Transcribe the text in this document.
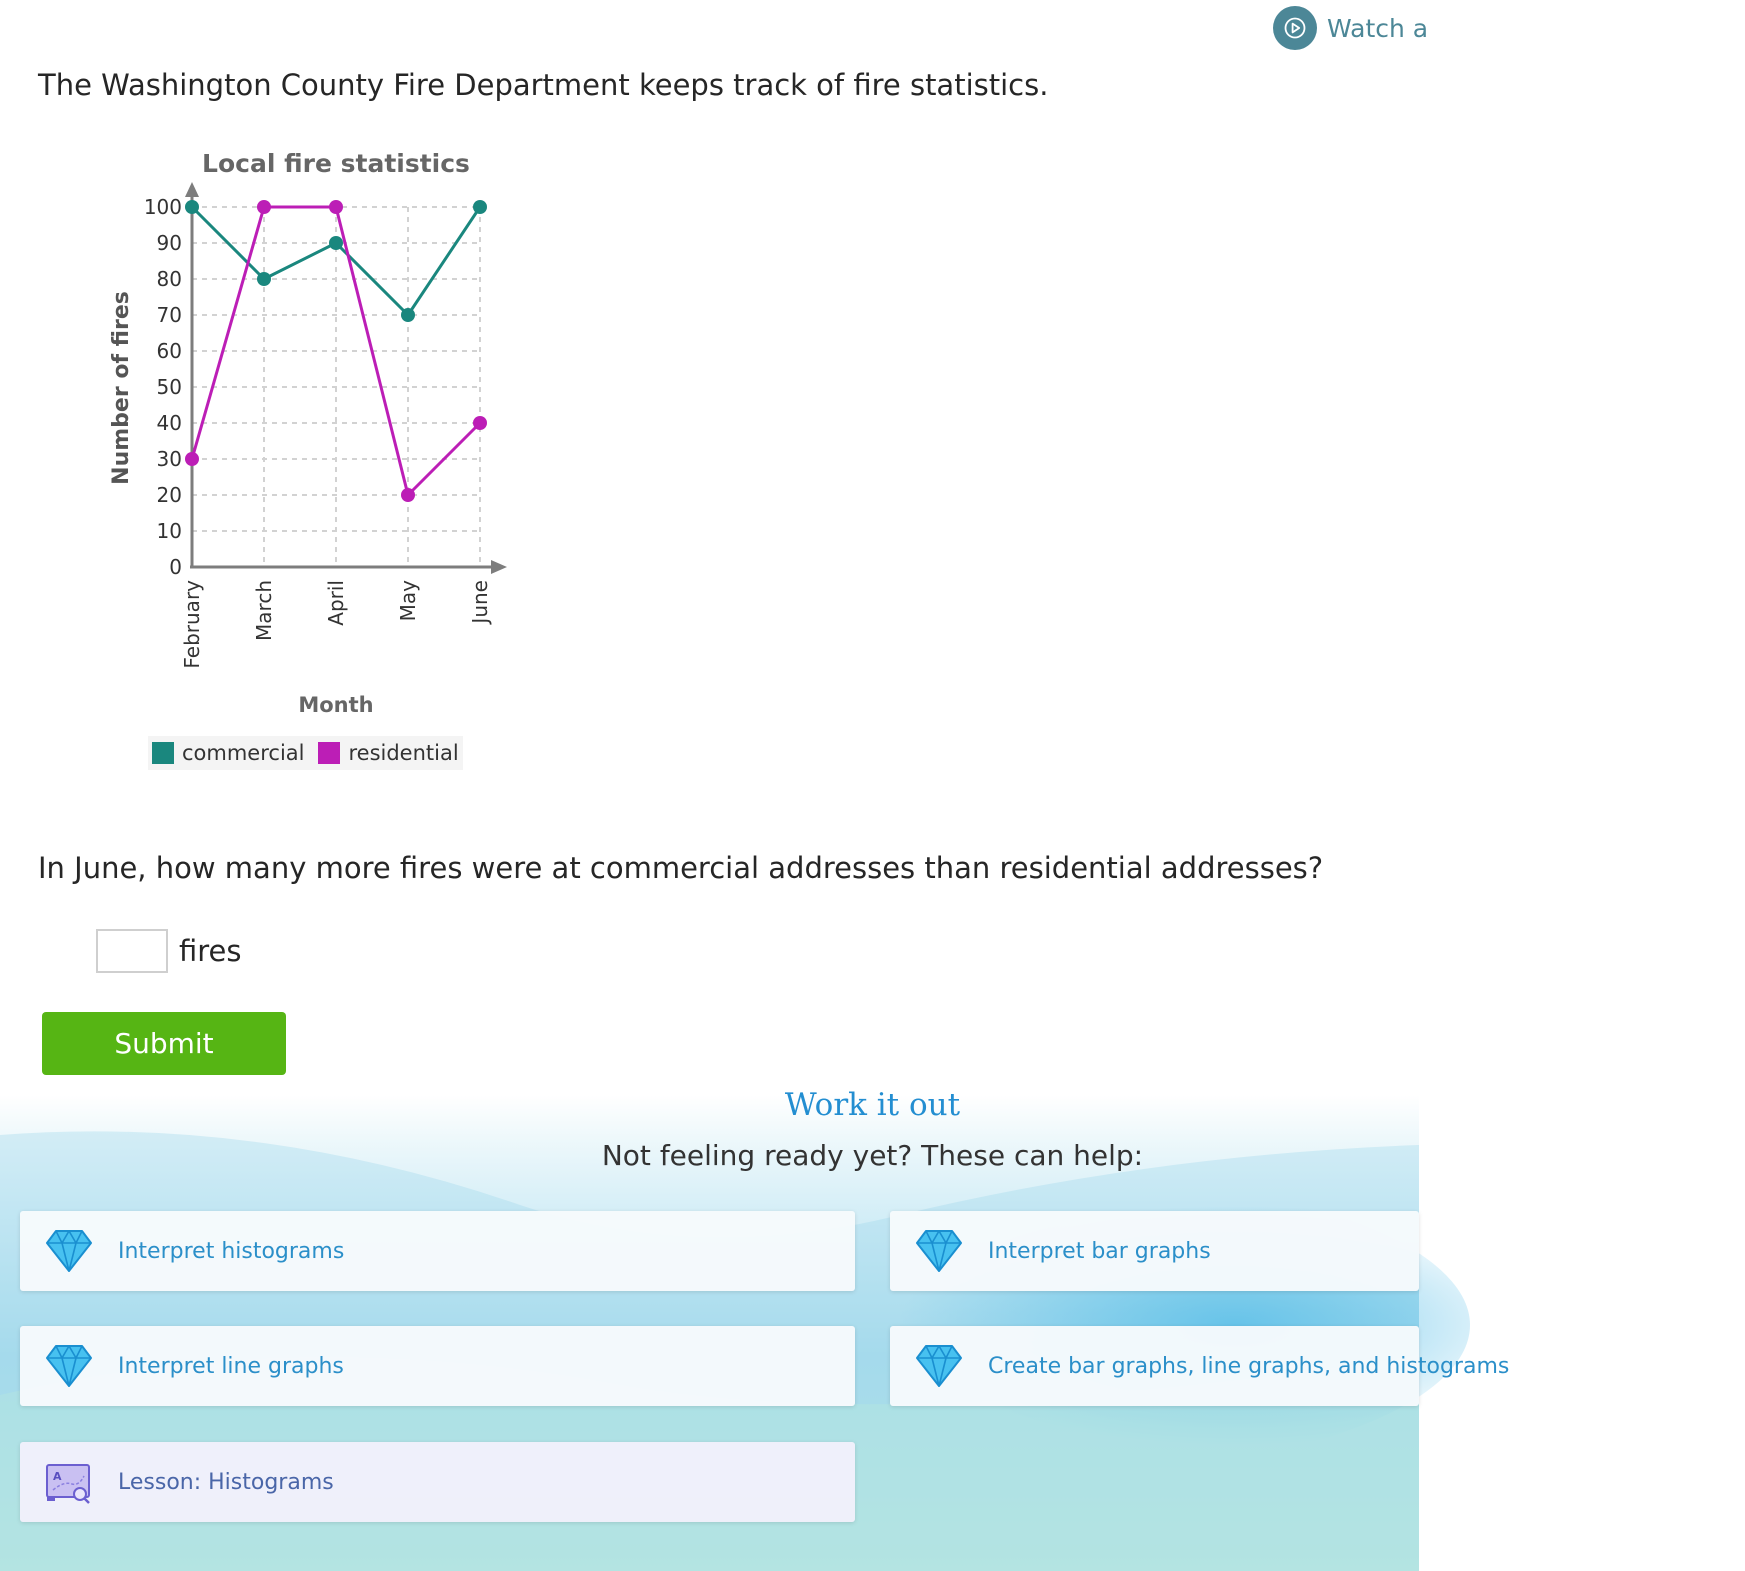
Watch a
The Washington County Fire Department keeps track of fire statistics.
Local fire statistics
Number of fires
Month
0
10
20
30
40
50
60
70
80
90
100
February March April May June
commercial residential
In June, how many more fires were at commercial addresses than residential addresses?
fires
Submit
Work it out
Not feeling ready yet? These can help:
Interpret histograms	Interpret bar graphs
Interpret line graphs	Create bar graphs, line graphs, and histograms
A	Lesson: Histograms
